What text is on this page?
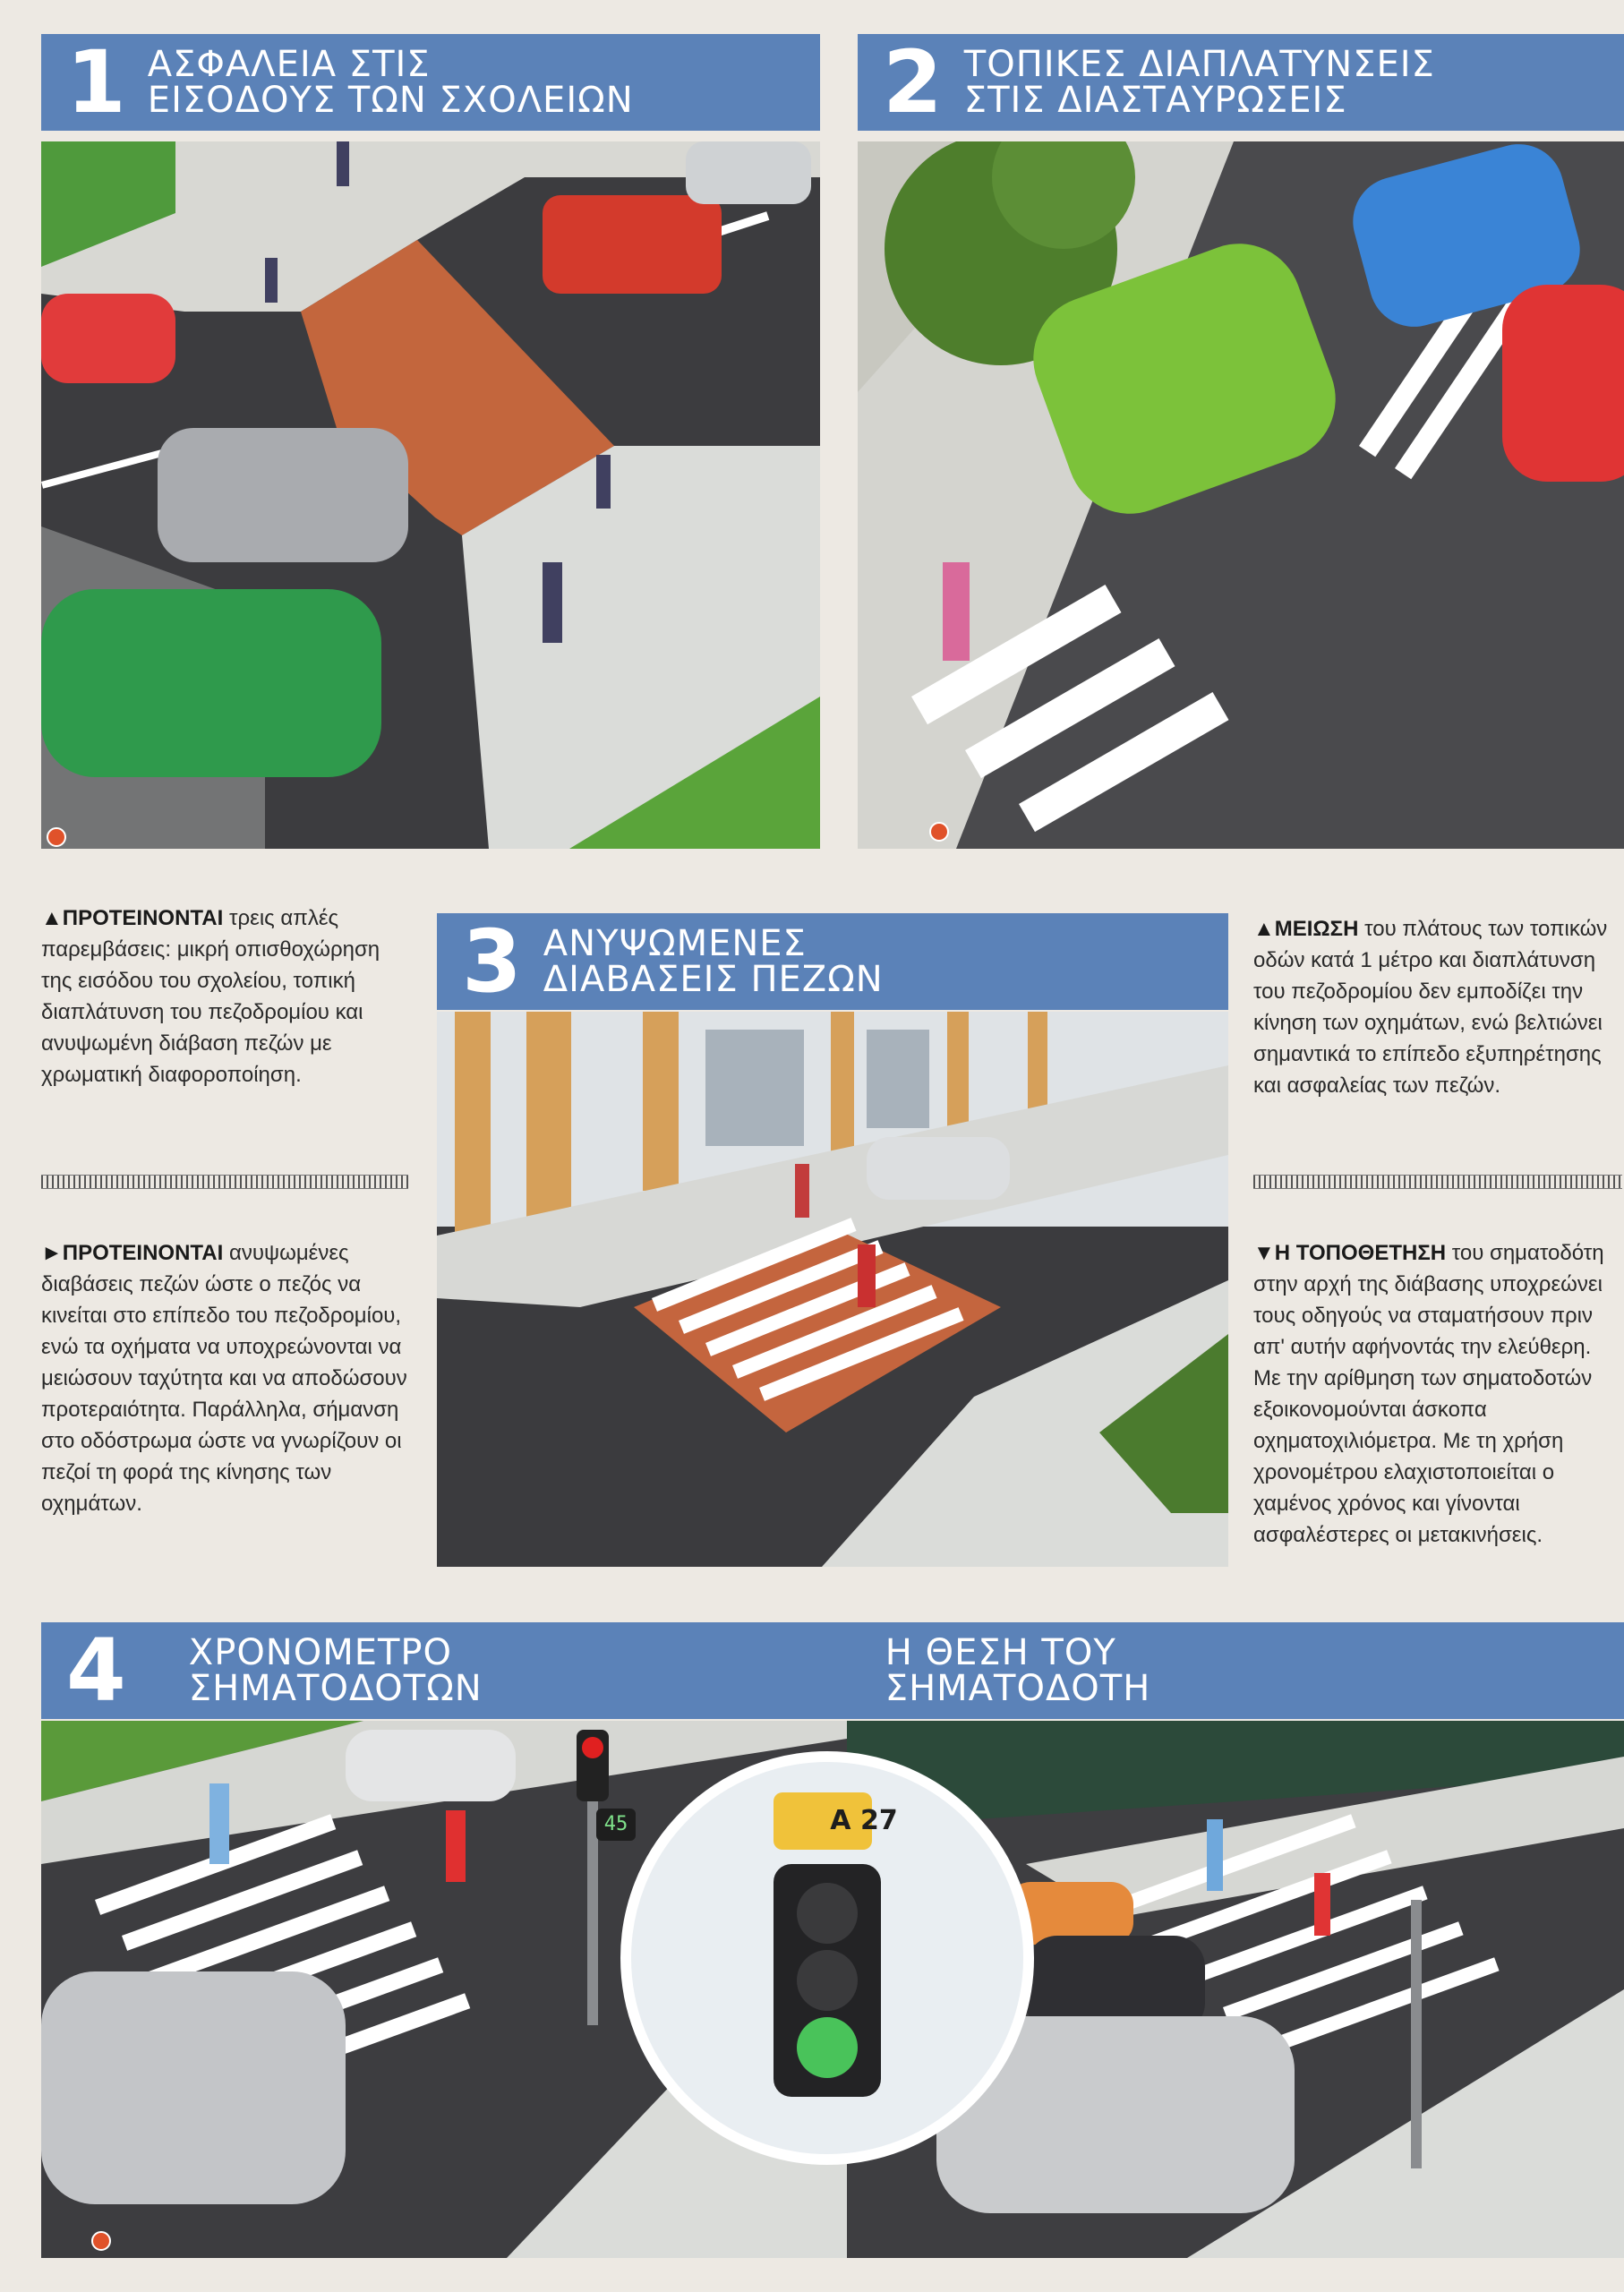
1 ΑΣΦΑΛΕΙΑ ΣΤΙΣ
ΕΙΣΟΔΟΥΣ ΤΩΝ ΣΧΟΛΕΙΩΝ	2 ΤΟΠΙΚΕΣ ΔΙΑΠΛΑΤΥΝΣΕΙΣ
ΣΤΙΣ ΔΙΑΣΤΑΥΡΩΣΕΙΣ
▲ΠΡΟΤΕΙΝΟΝΤΑΙ τρεις απλές παρεμβάσεις: μικρή οπισθοχώρηση της εισόδου του σχολείου, τοπική διαπλάτυνση του πεζοδρομίου και ανυψωμένη διάβαση πεζών με χρωματική διαφοροποίηση.
►ΠΡΟΤΕΙΝΟΝΤΑΙ ανυψωμένες διαβάσεις πεζών ώστε ο πεζός να κινείται στο επίπεδο του πεζοδρομίου, ενώ τα οχήματα να υποχρεώνονται να μειώσουν ταχύτητα και να αποδώσουν προτεραιότητα. Παράλληλα, σήμανση στο οδόστρωμα ώστε να γνωρίζουν οι πεζοί τη φορά της κίνησης των οχημάτων.
3 ΑΝΥΨΩΜΕΝΕΣ
ΔΙΑΒΑΣΕΙΣ ΠΕΖΩΝ
▲ΜΕΙΩΣΗ του πλάτους των τοπικών οδών κατά 1 μέτρο και διαπλάτυνση του πεζοδρομίου δεν εμποδίζει την κίνηση των οχημάτων, ενώ βελτιώνει σημαντικά το επίπεδο εξυπηρέτησης και ασφαλείας των πεζών.
▼Η ΤΟΠΟΘΕΤΗΣΗ του σηματοδότη στην αρχή της διάβασης υποχρεώνει τους οδηγούς να σταματήσουν πριν απ' αυτήν αφήνοντάς την ελεύθερη. Με την αρίθμηση των σηματοδοτών εξοικονομούνται άσκοπα οχηματοχιλιόμετρα. Με τη χρήση χρονομέτρου ελαχιστοποιείται ο χαμένος χρόνος και γίνονται ασφαλέστερες οι μετακινήσεις.
4 ΧΡΟΝΟΜΕΤΡΟ
ΣΗΜΑΤΟΔΟΤΩΝ
Η ΘΕΣΗ ΤΟΥ
ΣΗΜΑΤΟΔΟΤΗ
45	Α 27
